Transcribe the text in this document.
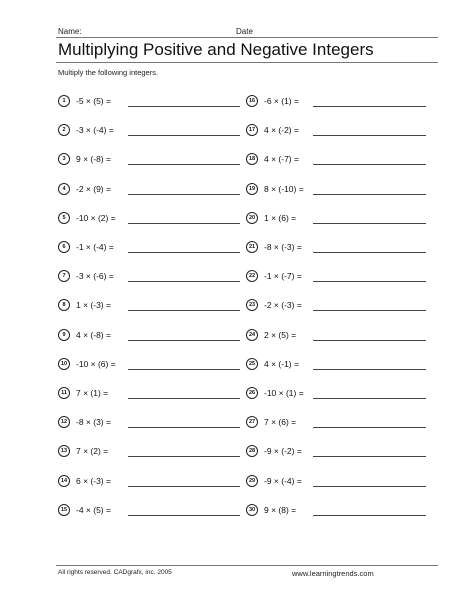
Name:	Date
Multiplying Positive and Negative Integers
Multiply the following integers.
1	-5 × (5) =
2	-3 × (-4) =
3	9 × (-8) =
4	-2 × (9) =
5	-10 × (2) =
6	-1 × (-4) =
7	-3 × (-6) =
8	1 × (-3) =
9	4 × (-8) =
10	-10 × (6) =
11	7 × (1) =
12	-8 × (3) =
13	7 × (2) =
14	6 × (-3) =
15	-4 × (5) =
16	-6 × (1) =
17	4 × (-2) =
18	4 × (-7) =
19	8 × (-10) =
20	1 × (6) =
21	-8 × (-3) =
22	-1 × (-7) =
23	-2 × (-3) =
24	2 × (5) =
25	4 × (-1) =
26	-10 × (1) =
27	7 × (6) =
28	-9 × (-2) =
29	-9 × (-4) =
30	9 × (8) =
All rights reserved. CADgrafx, inc. 2005	www.learningtrends.com
